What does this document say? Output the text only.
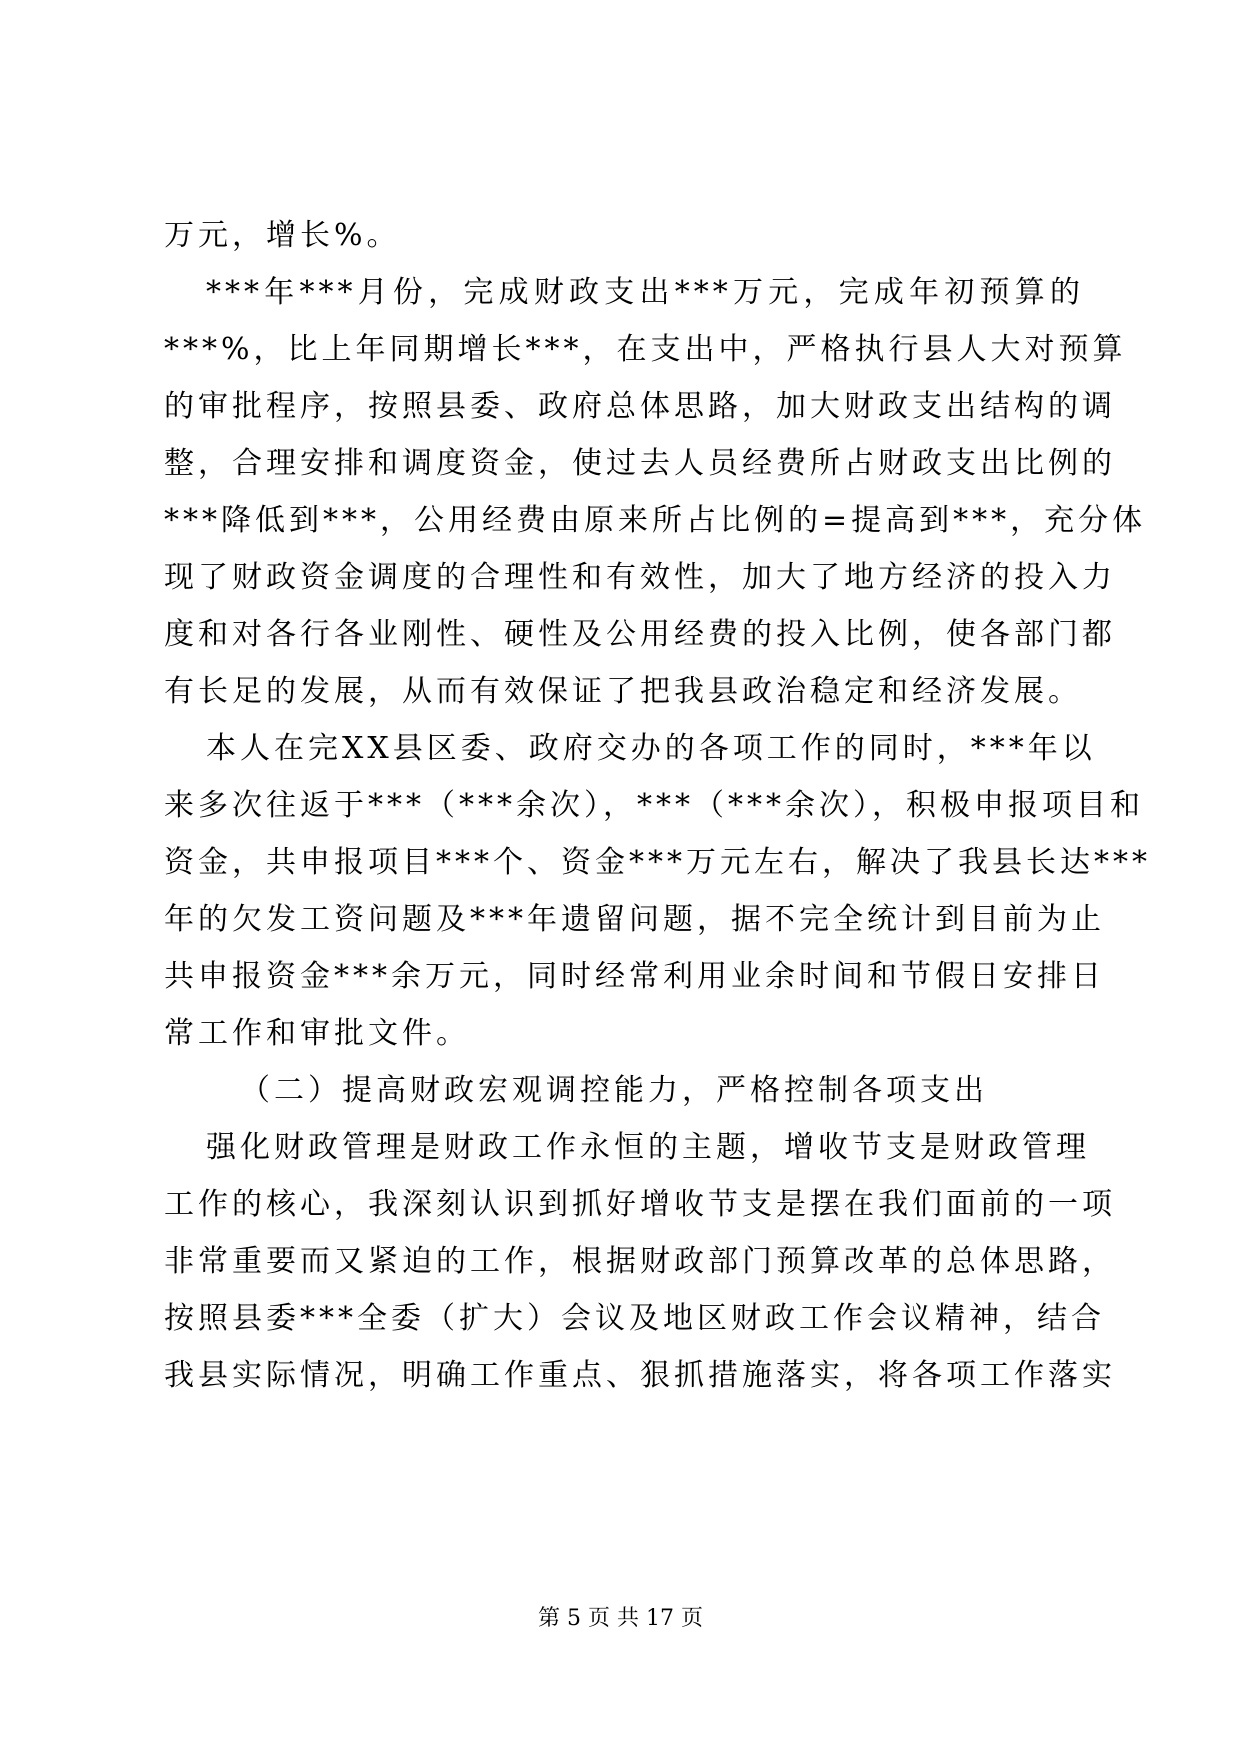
万元，增长%。
***年***月份，完成财政支出***万元，完成年初预算的
***%，比上年同期增长***，在支出中，严格执行县人大对预算
的审批程序，按照县委、政府总体思路，加大财政支出结构的调
整，合理安排和调度资金，使过去人员经费所占财政支出比例的
***降低到***，公用经费由原来所占比例的=提高到***，充分体
现了财政资金调度的合理性和有效性，加大了地方经济的投入力
度和对各行各业刚性、硬性及公用经费的投入比例，使各部门都
有长足的发展，从而有效保证了把我县政治稳定和经济发展。
本人在完XX县区委、政府交办的各项工作的同时，***年以
来多次往返于***（***余次），***（***余次），积极申报项目和
资金，共申报项目***个、资金***万元左右，解决了我县长达***
年的欠发工资问题及***年遗留问题，据不完全统计到目前为止
共申报资金***余万元，同时经常利用业余时间和节假日安排日
常工作和审批文件。
（二）提高财政宏观调控能力，严格控制各项支出
强化财政管理是财政工作永恒的主题，增收节支是财政管理
工作的核心，我深刻认识到抓好增收节支是摆在我们面前的一项
非常重要而又紧迫的工作，根据财政部门预算改革的总体思路，
按照县委***全委（扩大）会议及地区财政工作会议精神，结合
我县实际情况，明确工作重点、狠抓措施落实，将各项工作落实
第 5 页 共 17 页
